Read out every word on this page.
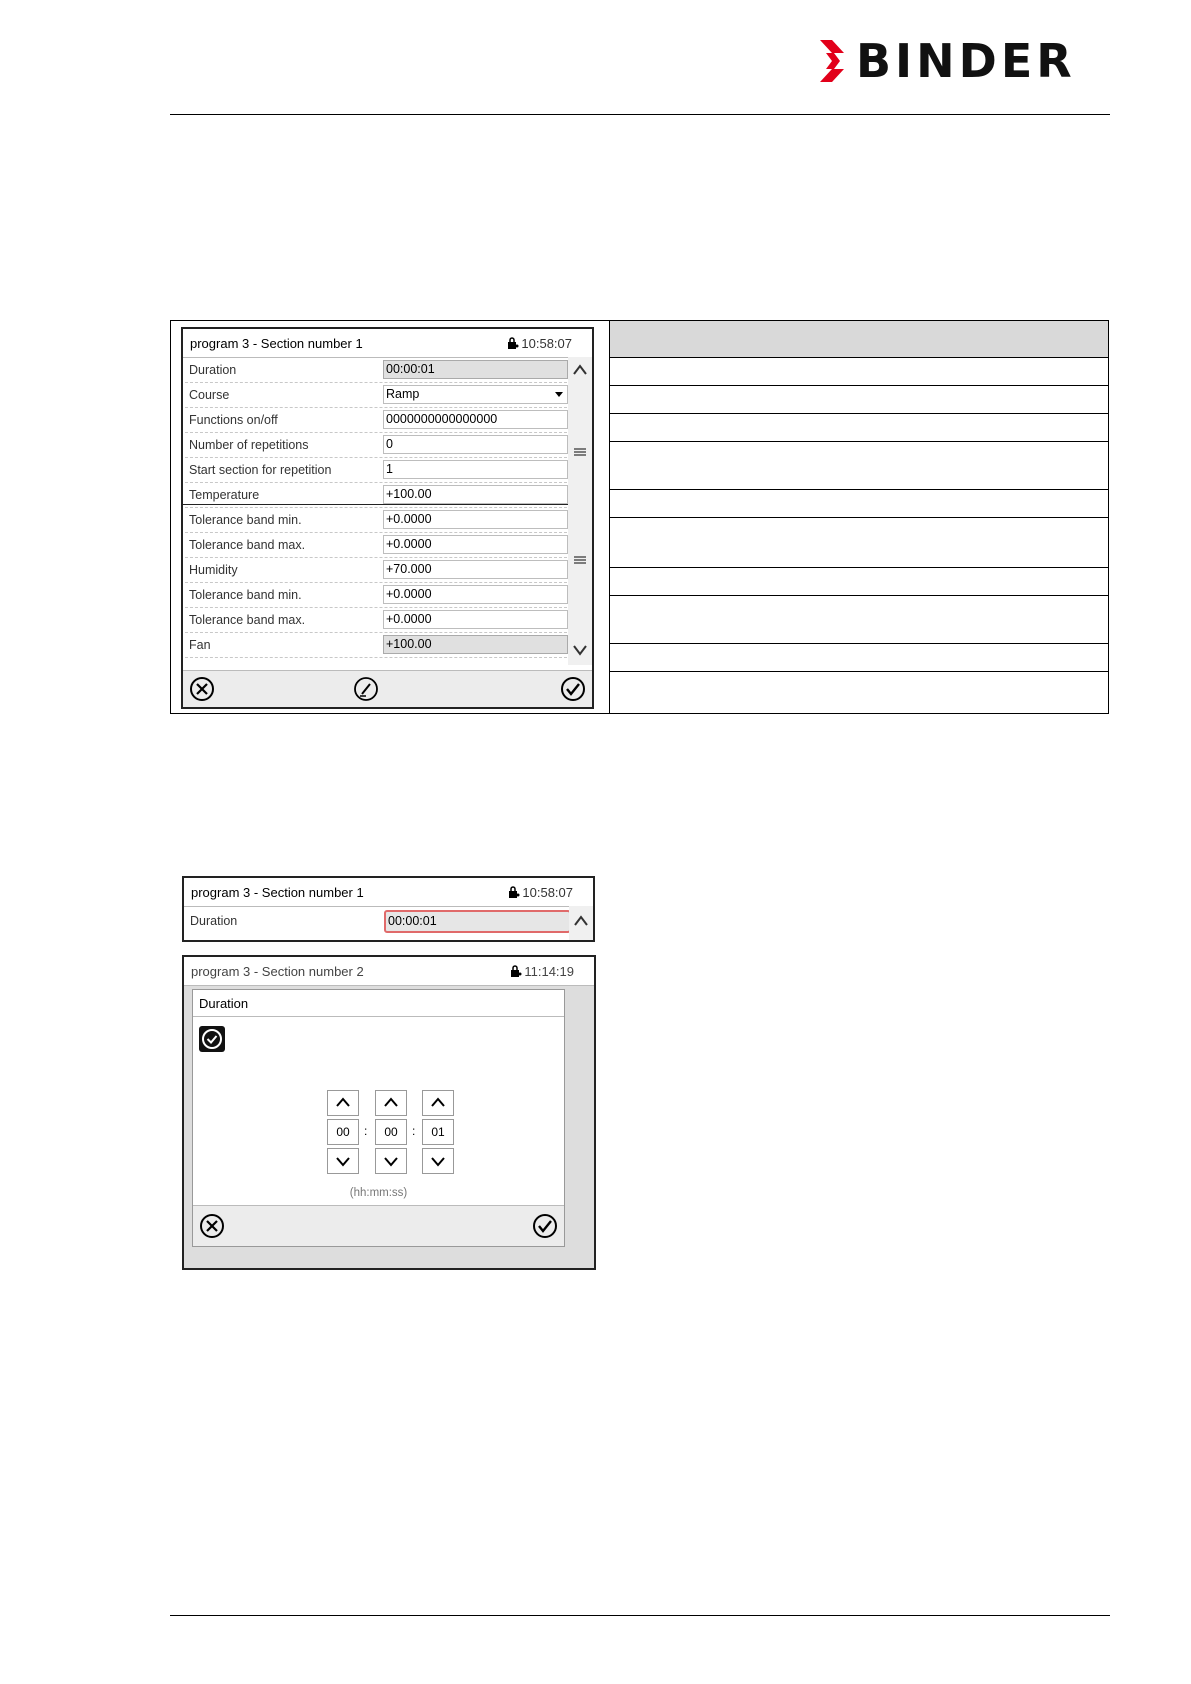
BINDER
program 3 - Section number 1	10:58:07
Duration	00:00:01
Course	Ramp
Functions on/off	0000000000000000
Number of repetitions	0
Start section for repetition	1
Temperature	+100.00
Tolerance band min.	+0.0000
Tolerance band max.	+0.0000
Humidity	+70.000
Tolerance band min.	+0.0000
Tolerance band max.	+0.0000
Fan	+100.00
program 3 - Section number 1	10:58:07
Duration	00:00:01
program 3 - Section number 2	11:14:19
Duration
00	:	00	:	01
(hh:mm:ss)
